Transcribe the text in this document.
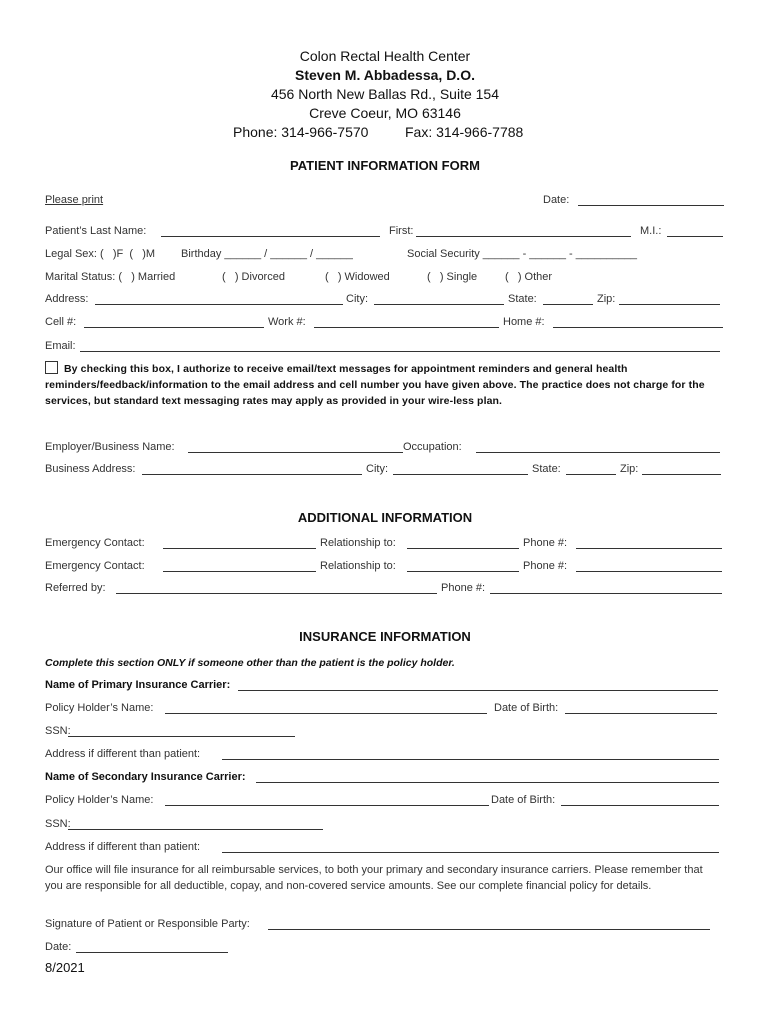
Colon Rectal Health Center
Steven M. Abbadessa, D.O.
456 North New Ballas Rd., Suite 154
Creve Coeur, MO 63146
Phone: 314-966-7570	Fax: 314-966-7788
PATIENT INFORMATION FORM
Please print	Date:
Patient’s Last Name:	First:	M.I.:
Legal Sex: (   )F  (   )M Birthday ______ / ______ / ______	Social Security ______ - ______ - __________
Marital Status: (   ) Married	(   ) Divorced	(   ) Widowed	(   ) Single	(   ) Other
Address:	City:	State:	Zip:
Cell #:	Work #:	Home #:
Email:
By checking this box, I authorize to receive email/text messages for appointment reminders and general health reminders/feedback/information to the email address and cell number you have given above. The practice does not charge for the services, but standard text messaging rates may apply as provided in your wire-less plan.
Employer/Business Name:	Occupation:
Business Address:	City:	State:	Zip:
ADDITIONAL INFORMATION
Emergency Contact:	Relationship to:	Phone #:
Emergency Contact:	Relationship to:	Phone #:
Referred by:	Phone #:
INSURANCE INFORMATION
Complete this section ONLY if someone other than the patient is the policy holder.
Name of Primary Insurance Carrier:
Policy Holder’s Name:	Date of Birth:
SSN:
Address if different than patient:
Name of Secondary Insurance Carrier:
Policy Holder’s Name:	Date of Birth:
SSN:
Address if different than patient:
Our office will file insurance for all reimbursable services, to both your primary and secondary insurance carriers. Please remember that you are responsible for all deductible, copay, and non-covered service amounts. See our complete financial policy for details.
Signature of Patient or Responsible Party:
Date:
8/2021
